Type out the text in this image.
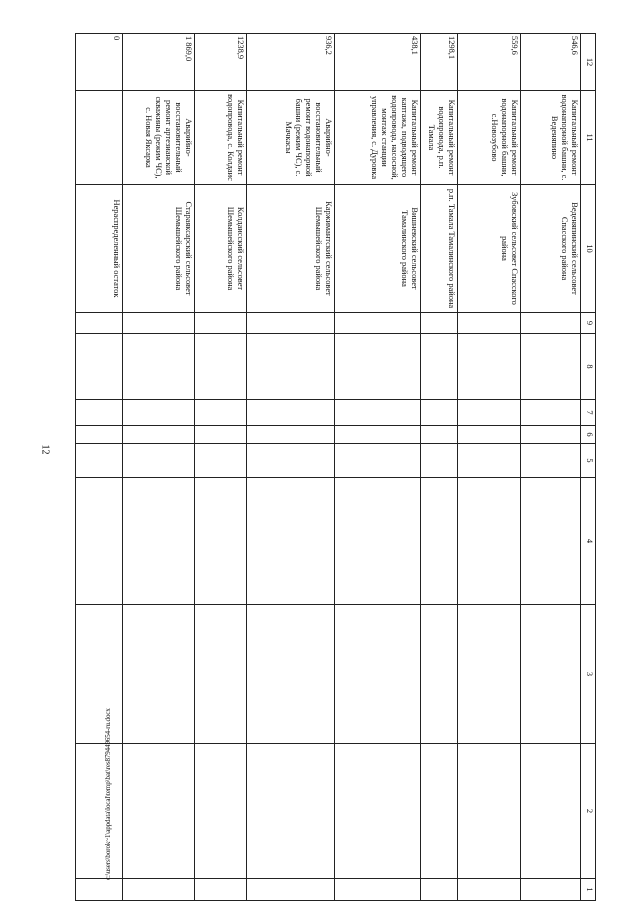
12
12	11	10	9	8	7	6	5	4	3	2	1
546,6	Капитальный ремонт водонапорной башни, с. Веденяпино	Веденяпинский сельсовет Спасского района									
559,6	Капитальный ремонт водонапорной башни, с.Новозубово	Зубовский сельсовет Спасского района									
1298,1	Капитальный ремонт водопровода, р.п. Тамала	р.п. Тамала Тамалинского района									
438,1	Капитальный ремонт каптажа, подводящего водопровода, насосной, монтаж станции управления, с. Дуровка	Вишневский сельсовет Тамалинского района									
936,2	Аварийно-восстановительный ремонт водонапорной башни (режим ЧС), с. Мачкасы	Каржимантский сельсовет Шемышейского района									
1238,9	Капитальный ремонт водопровода, с. Колдаис	Колдаисский сельсовет Шемышейского района									
1 869,0	Аварийно-восстановительный ремонт артезианской скважины (режим ЧС), с. Новая Яксарка	Стараякcарский сельсовет Шемышейского района									
0		Нераспределенный остаток									
c:\users\borok~1\appdata\local\temp\bat\res879449654-ru.docx
